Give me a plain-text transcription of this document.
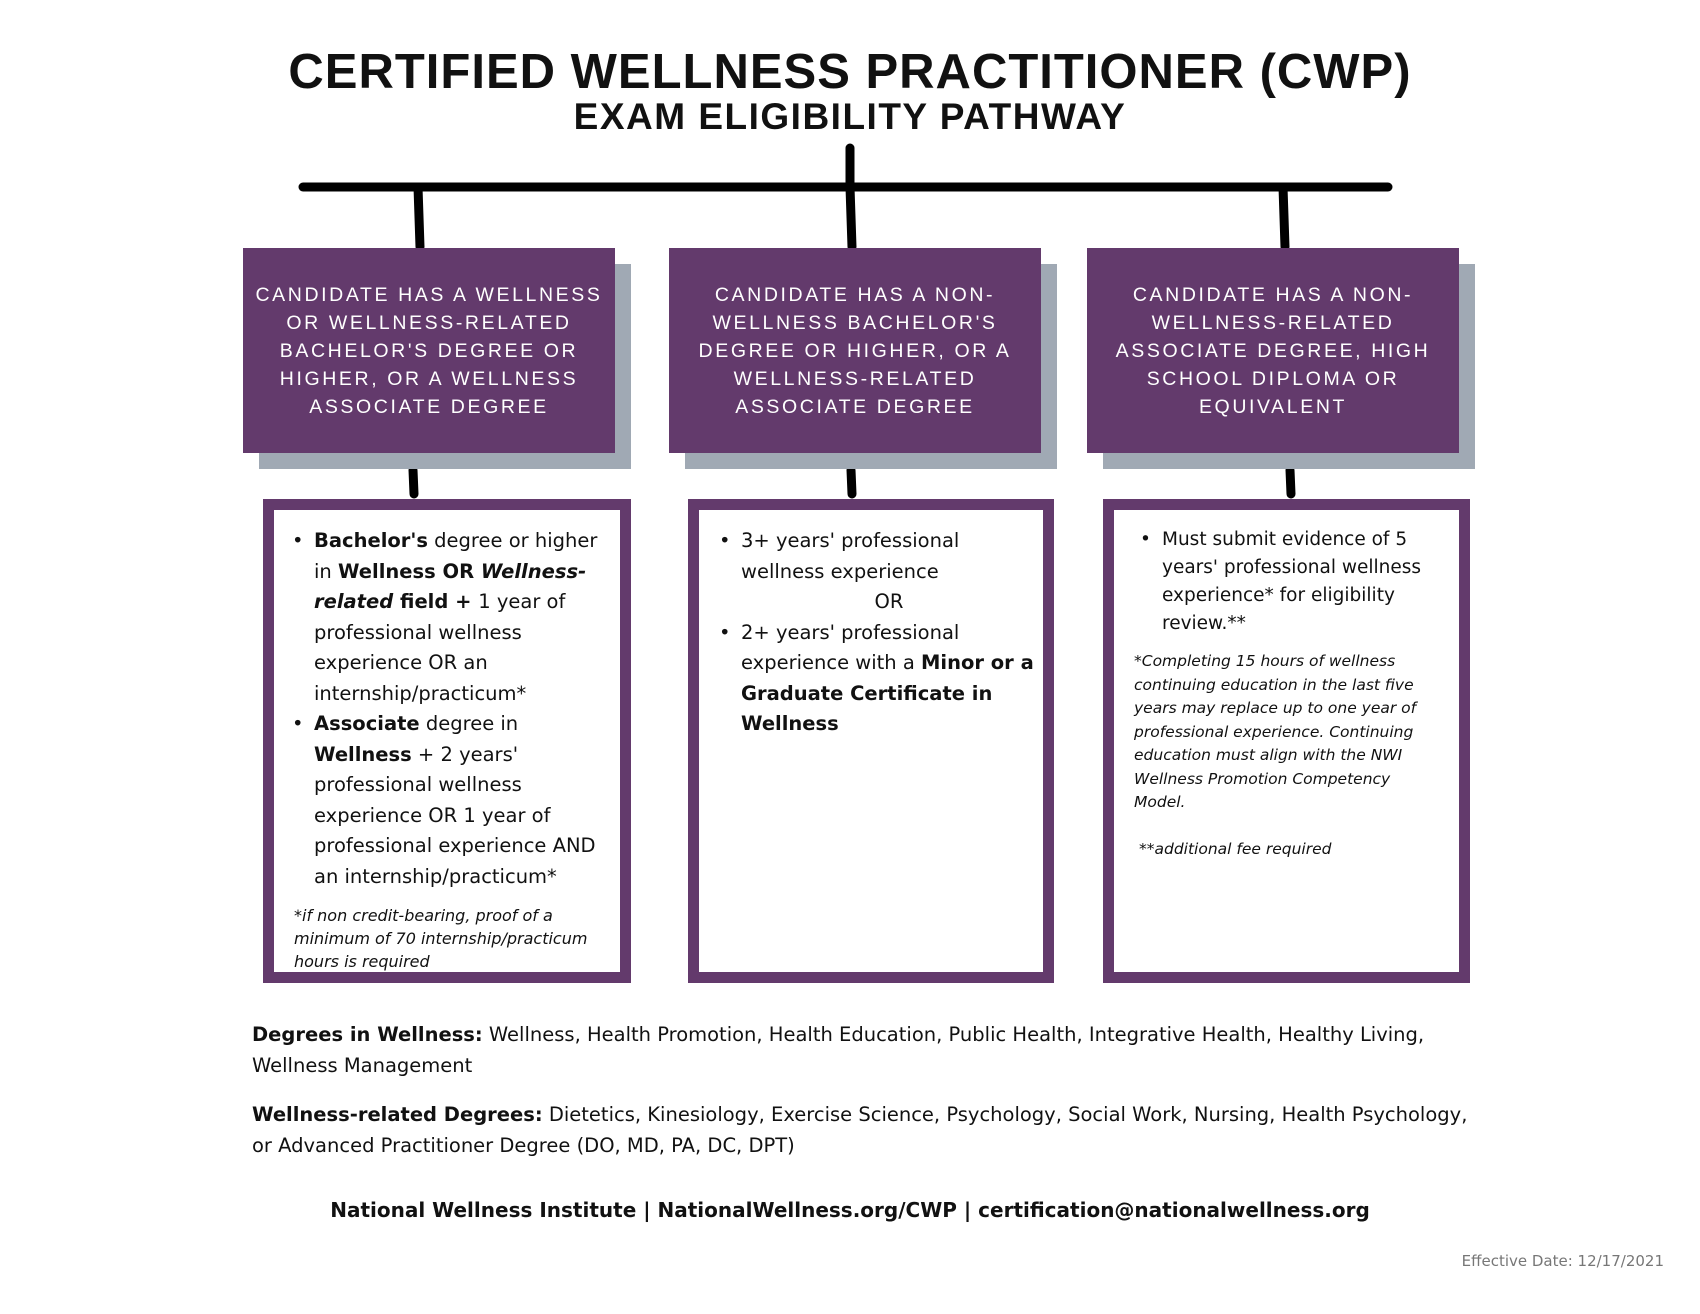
CERTIFIED WELLNESS PRACTITIONER (CWP)
EXAM ELIGIBILITY PATHWAY
CANDIDATE HAS A WELLNESS OR WELLNESS-RELATED BACHELOR'S DEGREE OR HIGHER, OR A WELLNESS ASSOCIATE DEGREE
• Bachelor's degree or higher in Wellness OR Wellness-related field + 1 year of professional wellness experience OR an internship/practicum*
• Associate degree in Wellness + 2 years' professional wellness experience OR 1 year of professional experience AND an internship/practicum*
*if non credit-bearing, proof of a minimum of 70 internship/practicum hours is required
CANDIDATE HAS A NON-WELLNESS BACHELOR'S DEGREE OR HIGHER, OR A WELLNESS-RELATED ASSOCIATE DEGREE
• 3+ years' professional wellness experience
OR
• 2+ years' professional experience with a Minor or a Graduate Certificate in Wellness
CANDIDATE HAS A NON-WELLNESS-RELATED ASSOCIATE DEGREE, HIGH SCHOOL DIPLOMA OR EQUIVALENT
• Must submit evidence of 5 years' professional wellness experience* for eligibility review.**
*Completing 15 hours of wellness continuing education in the last five years may replace up to one year of professional experience. Continuing education must align with the NWI Wellness Promotion Competency Model.
**additional fee required
Degrees in Wellness: Wellness, Health Promotion, Health Education, Public Health, Integrative Health, Healthy Living, Wellness Management
Wellness-related Degrees: Dietetics, Kinesiology, Exercise Science, Psychology, Social Work, Nursing, Health Psychology, or Advanced Practitioner Degree (DO, MD, PA, DC, DPT)
National Wellness Institute | NationalWellness.org/CWP | certification@nationalwellness.org
Effective Date: 12/17/2021
